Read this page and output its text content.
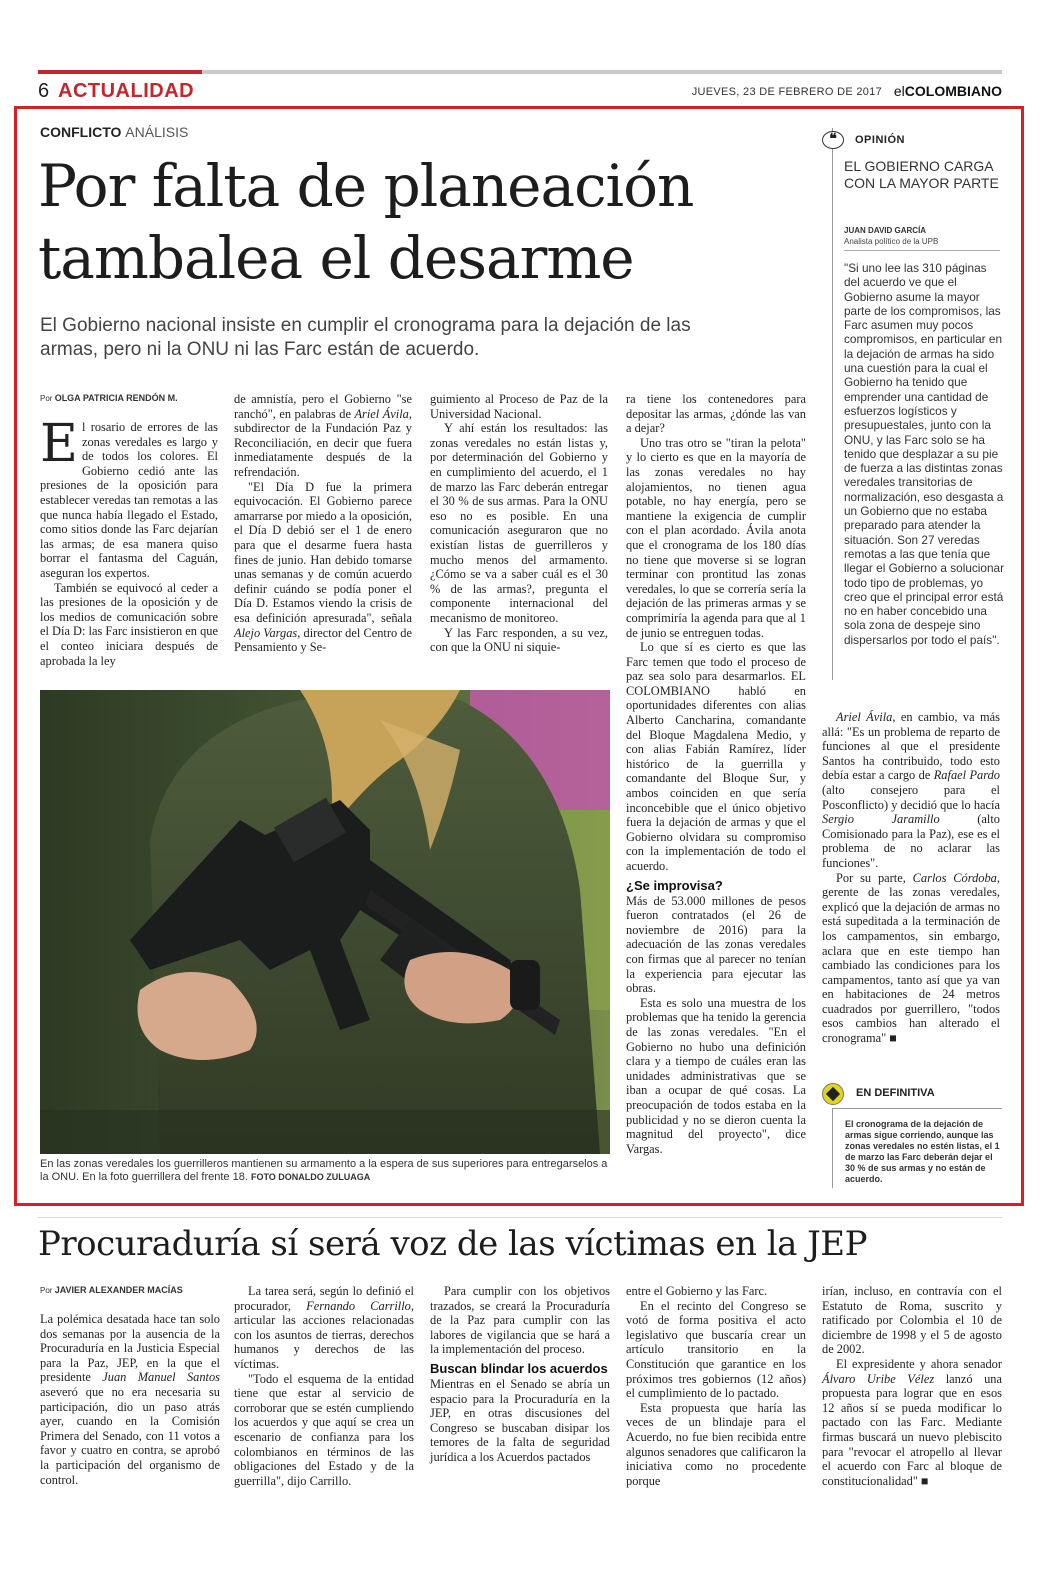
6 ACTUALIDAD	JUEVES, 23 DE FEBRERO DE 2017 elCOLOMBIANO
CONFLICTO ANÁLISIS
Por falta de planeación tambalea el desarme

El Gobierno nacional insiste en cumplir el cronograma para la dejación de las armas, pero ni la ONU ni las Farc están de acuerdo.

Por OLGA PATRICIA RENDÓN M.

El rosario de errores de las zonas veredales es largo y de todos los colores. El Gobierno cedió ante las presiones de la oposición para establecer veredas tan remotas a las que nunca había llegado el Estado, como sitios donde las Farc dejarían las armas; de esa manera quiso borrar el fantasma del Caguán, aseguran los expertos.

También se equivocó al ceder a las presiones de la oposición y de los medios de comunicación sobre el Día D: las Farc insistieron en que el conteo iniciara después de aprobada la ley

de amnistía, pero el Gobierno "se ranchó", en palabras de Ariel Ávila, subdirector de la Fundación Paz y Reconciliación, en decir que fuera inmediatamente después de la refrendación.

"El Día D fue la primera equivocación. El Gobierno parece amarrarse por miedo a la oposición, el Día D debió ser el 1 de enero para que el desarme fuera hasta fines de junio. Han debido tomarse unas semanas y de común acuerdo definir cuándo se podía poner el Día D. Estamos viendo la crisis de esa definición apresurada", señala Alejo Vargas, director del Centro de Pensamiento y Se-

guimiento al Proceso de Paz de la Universidad Nacional.

Y ahí están los resultados: las zonas veredales no están listas y, por determinación del Gobierno y en cumplimiento del acuerdo, el 1 de marzo las Farc deberán entregar el 30 % de sus armas. Para la ONU eso no es posible. En una comunicación aseguraron que no existían listas de guerrilleros y mucho menos del armamento. ¿Cómo se va a saber cuál es el 30 % de las armas?, pregunta el componente internacional del mecanismo de monitoreo.

Y las Farc responden, a su vez, con que la ONU ni siquie-

ra tiene los contenedores para depositar las armas, ¿dónde las van a dejar?

Uno tras otro se "tiran la pelota" y lo cierto es que en la mayoría de las zonas veredales no hay alojamientos, no tienen agua potable, no hay energía, pero se mantiene la exigencia de cumplir con el plan acordado. Ávila anota que el cronograma de los 180 días no tiene que moverse si se logran terminar con prontitud las zonas veredales, lo que se correría sería la dejación de las primeras armas y se comprimiría la agenda para que al 1 de junio se entreguen todas.

Lo que sí es cierto es que las Farc temen que todo el proceso de paz sea solo para desarmarlos. EL COLOMBIANO habló en oportunidades diferentes con alias Alberto Cancharina, comandante del Bloque Magdalena Medio, y con alias Fabián Ramírez, líder histórico de la guerrilla y comandante del Bloque Sur, y ambos coinciden en que sería inconcebible que el único objetivo fuera la dejación de armas y que el Gobierno olvidara su compromiso con la implementación de todo el acuerdo.

¿Se improvisa?

Más de 53.000 millones de pesos fueron contratados (el 26 de noviembre de 2016) para la adecuación de las zonas veredales con firmas que al parecer no tenían la experiencia para ejecutar las obras.

Esta es solo una muestra de los problemas que ha tenido la gerencia de las zonas veredales. "En el Gobierno no hubo una definición clara y a tiempo de cuáles eran las unidades administrativas que se iban a ocupar de qué cosas. La preocupación de todos estaba en la publicidad y no se dieron cuenta la magnitud del proyecto", dice Vargas.

Ariel Ávila, en cambio, va más allá: "Es un problema de reparto de funciones al que el presidente Santos ha contribuido, todo esto debía estar a cargo de Rafael Pardo (alto consejero para el Posconflicto) y decidió que lo hacía Sergio Jaramillo (alto Comisionado para la Paz), ese es el problema de no aclarar las funciones".

Por su parte, Carlos Córdoba, gerente de las zonas veredales, explicó que la dejación de armas no está supeditada a la terminación de los campamentos, sin embargo, aclara que en este tiempo han cambiado las condiciones para los campamentos, tanto así que ya van en habitaciones de 24 metros cuadrados por guerrillero, "todos esos cambios han alterado el cronograma" ■

En las zonas veredales los guerrilleros mantienen su armamento a la espera de sus superiores para entregarselos a la ONU. En la foto guerrillera del frente 18. FOTO DONALDO ZULUAGA
❝	OPINIÓN
EL GOBIERNO CARGA CON LA MAYOR PARTE
JUAN DAVID GARCÍA
Analista político de la UPB
"Si uno lee las 310 páginas del acuerdo ve que el Gobierno asume la mayor parte de los compromisos, las Farc asumen muy pocos compromisos, en particular en la dejación de armas ha sido una cuestión para la cual el Gobierno ha tenido que emprender una cantidad de esfuerzos logísticos y presupuestales, junto con la ONU, y las Farc solo se ha tenido que desplazar a su pie de fuerza a las distintas zonas veredales transitorias de normalización, eso desgasta a un Gobierno que no estaba preparado para atender la situación. Son 27 veredas remotas a las que tenía que llegar el Gobierno a solucionar todo tipo de problemas, yo creo que el principal error está no en haber concebido una sola zona de despeje sino dispersarlos por todo el país".
EN DEFINITIVA
El cronograma de la dejación de armas sigue corriendo, aunque las zonas veredales no estén listas, el 1 de marzo las Farc deberán dejar el 30 % de sus armas y no están de acuerdo.
Procuraduría sí será voz de las víctimas en la JEP
Por JAVIER ALEXANDER MACÍAS

La polémica desatada hace tan solo dos semanas por la ausencia de la Procuraduría en la Justicia Especial para la Paz, JEP, en la que el presidente Juan Manuel Santos aseveró que no era necesaria su participación, dio un paso atrás ayer, cuando en la Comisión Primera del Senado, con 11 votos a favor y cuatro en contra, se aprobó la participación del organismo de control.

La tarea será, según lo definió el procurador, Fernando Carrillo, articular las acciones relacionadas con los asuntos de tierras, derechos humanos y derechos de las víctimas.

"Todo el esquema de la entidad tiene que estar al servicio de corroborar que se estén cumpliendo los acuerdos y que aquí se crea un escenario de confianza para los colombianos en términos de las obligaciones del Estado y de la guerrilla", dijo Carrillo.

Para cumplir con los objetivos trazados, se creará la Procuraduría de la Paz para cumplir con las labores de vigilancia que se hará a la implementación del proceso.

Buscan blindar los acuerdos

Mientras en el Senado se abría un espacio para la Procuraduría en la JEP, en otras discusiones del Congreso se buscaban disipar los temores de la falta de seguridad jurídica a los Acuerdos pactados

entre el Gobierno y las Farc.

En el recinto del Congreso se votó de forma positiva el acto legislativo que buscaría crear un artículo transitorio en la Constitución que garantice en los próximos tres gobiernos (12 años) el cumplimiento de lo pactado.

Esta propuesta que haría las veces de un blindaje para el Acuerdo, no fue bien recibida entre algunos senadores que calificaron la iniciativa como no procedente porque

irían, incluso, en contravía con el Estatuto de Roma, suscrito y ratificado por Colombia el 10 de diciembre de 1998 y el 5 de agosto de 2002.

El expresidente y ahora senador Álvaro Uribe Vélez lanzó una propuesta para lograr que en esos 12 años sí se pueda modificar lo pactado con las Farc. Mediante firmas buscará un nuevo plebiscito para "revocar el atropello al llevar el acuerdo con Farc al bloque de constitucionalidad" ■
